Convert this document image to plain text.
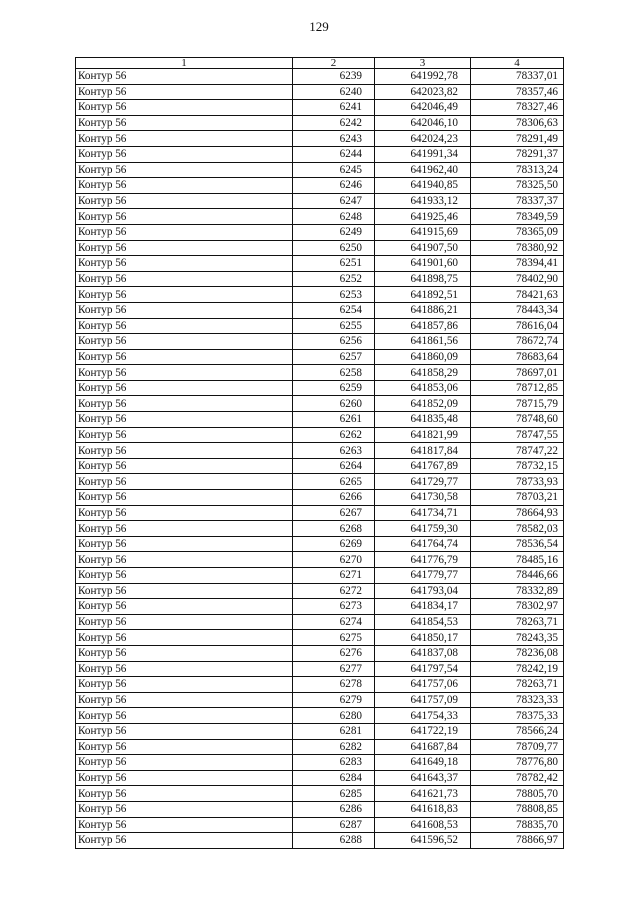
129
1	2	3	4
Контур 56	6239	641992,78	78337,01
Контур 56	6240	642023,82	78357,46
Контур 56	6241	642046,49	78327,46
Контур 56	6242	642046,10	78306,63
Контур 56	6243	642024,23	78291,49
Контур 56	6244	641991,34	78291,37
Контур 56	6245	641962,40	78313,24
Контур 56	6246	641940,85	78325,50
Контур 56	6247	641933,12	78337,37
Контур 56	6248	641925,46	78349,59
Контур 56	6249	641915,69	78365,09
Контур 56	6250	641907,50	78380,92
Контур 56	6251	641901,60	78394,41
Контур 56	6252	641898,75	78402,90
Контур 56	6253	641892,51	78421,63
Контур 56	6254	641886,21	78443,34
Контур 56	6255	641857,86	78616,04
Контур 56	6256	641861,56	78672,74
Контур 56	6257	641860,09	78683,64
Контур 56	6258	641858,29	78697,01
Контур 56	6259	641853,06	78712,85
Контур 56	6260	641852,09	78715,79
Контур 56	6261	641835,48	78748,60
Контур 56	6262	641821,99	78747,55
Контур 56	6263	641817,84	78747,22
Контур 56	6264	641767,89	78732,15
Контур 56	6265	641729,77	78733,93
Контур 56	6266	641730,58	78703,21
Контур 56	6267	641734,71	78664,93
Контур 56	6268	641759,30	78582,03
Контур 56	6269	641764,74	78536,54
Контур 56	6270	641776,79	78485,16
Контур 56	6271	641779,77	78446,66
Контур 56	6272	641793,04	78332,89
Контур 56	6273	641834,17	78302,97
Контур 56	6274	641854,53	78263,71
Контур 56	6275	641850,17	78243,35
Контур 56	6276	641837,08	78236,08
Контур 56	6277	641797,54	78242,19
Контур 56	6278	641757,06	78263,71
Контур 56	6279	641757,09	78323,33
Контур 56	6280	641754,33	78375,33
Контур 56	6281	641722,19	78566,24
Контур 56	6282	641687,84	78709,77
Контур 56	6283	641649,18	78776,80
Контур 56	6284	641643,37	78782,42
Контур 56	6285	641621,73	78805,70
Контур 56	6286	641618,83	78808,85
Контур 56	6287	641608,53	78835,70
Контур 56	6288	641596,52	78866,97
